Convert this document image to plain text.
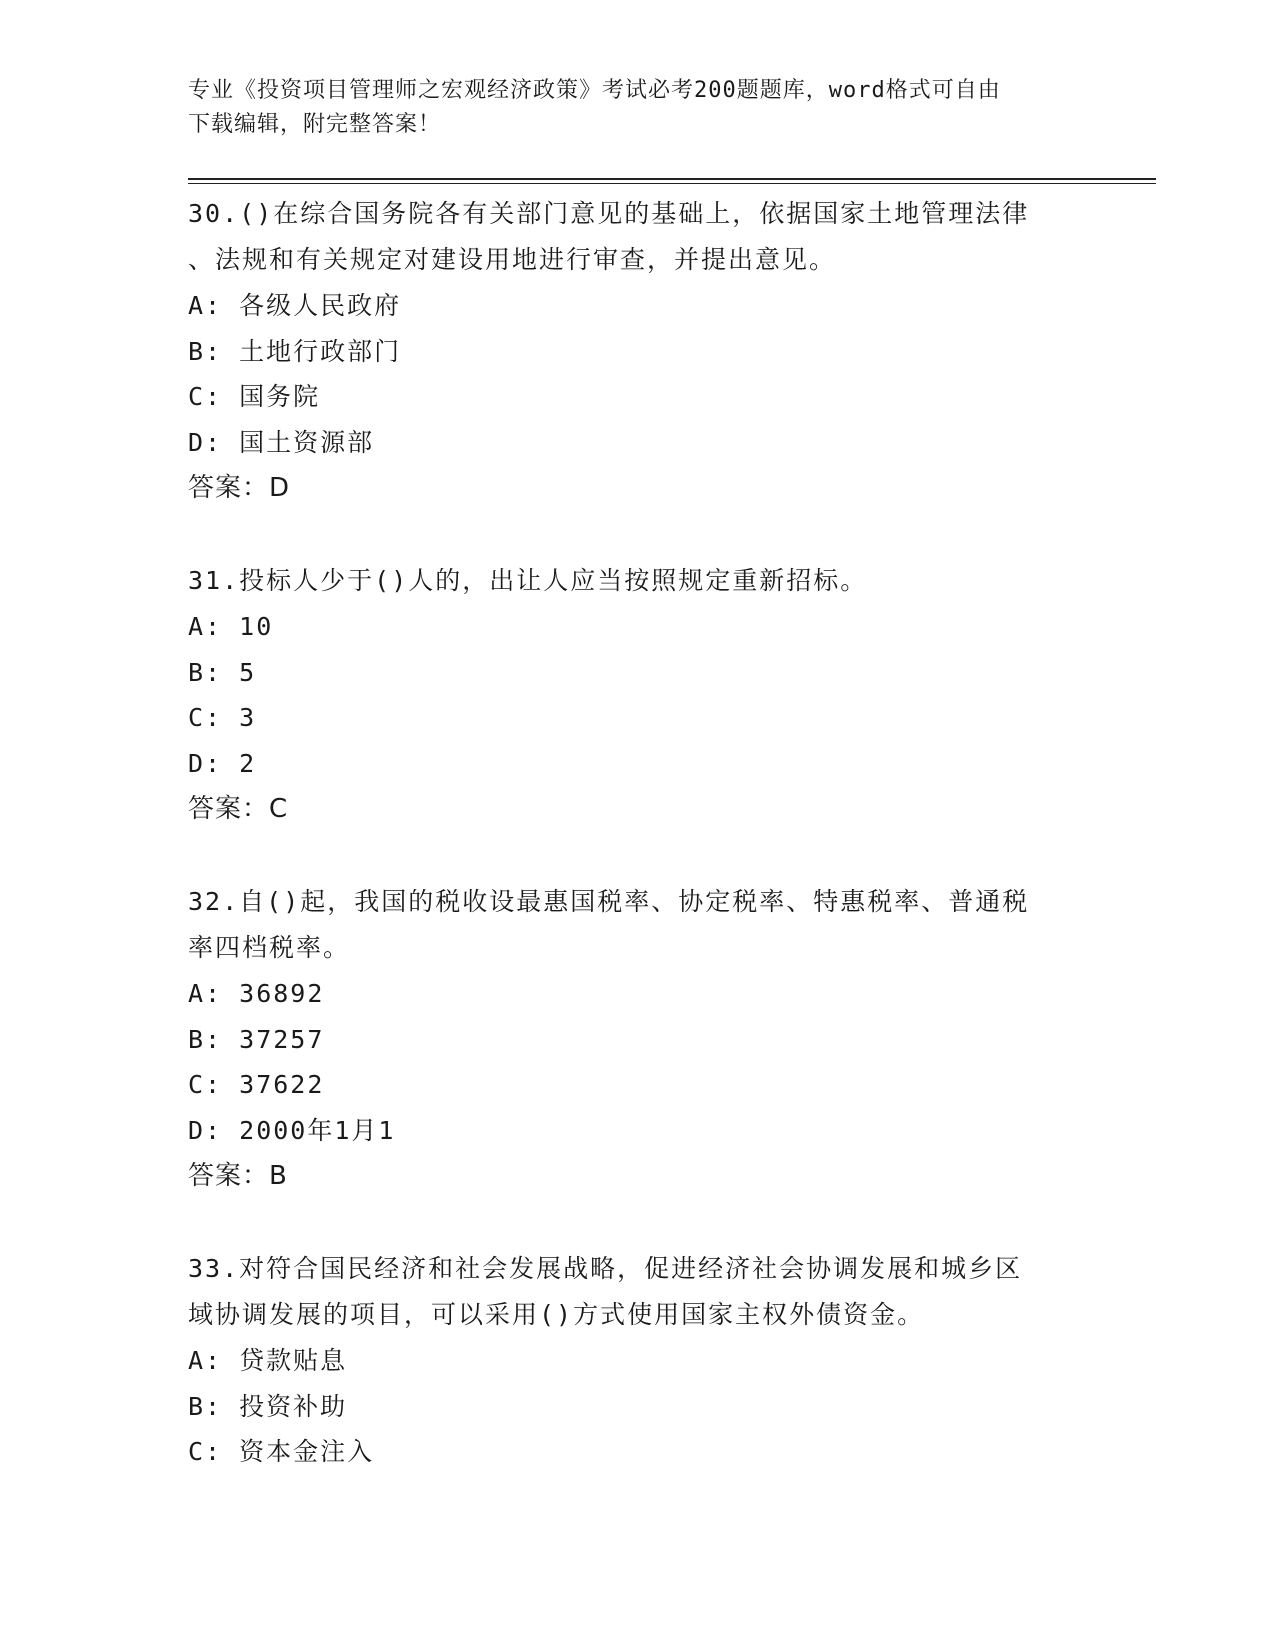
专业《投资项目管理师之宏观经济政策》考试必考200题题库，word格式可自由
下载编辑，附完整答案！
30.()在综合国务院各有关部门意见的基础上，依据国家土地管理法律
、法规和有关规定对建设用地进行审查，并提出意见。
A: 各级人民政府
B: 土地行政部门
C: 国务院
D: 国土资源部
答案：D
31.投标人少于()人的，出让人应当按照规定重新招标。
A: 10
B: 5
C: 3
D: 2
答案：C
32.自()起，我国的税收设最惠国税率、协定税率、特惠税率、普通税
率四档税率。
A: 36892
B: 37257
C: 37622
D: 2000年1月1
答案：B
33.对符合国民经济和社会发展战略，促进经济社会协调发展和城乡区
域协调发展的项目，可以采用()方式使用国家主权外债资金。
A: 贷款贴息
B: 投资补助
C: 资本金注入
